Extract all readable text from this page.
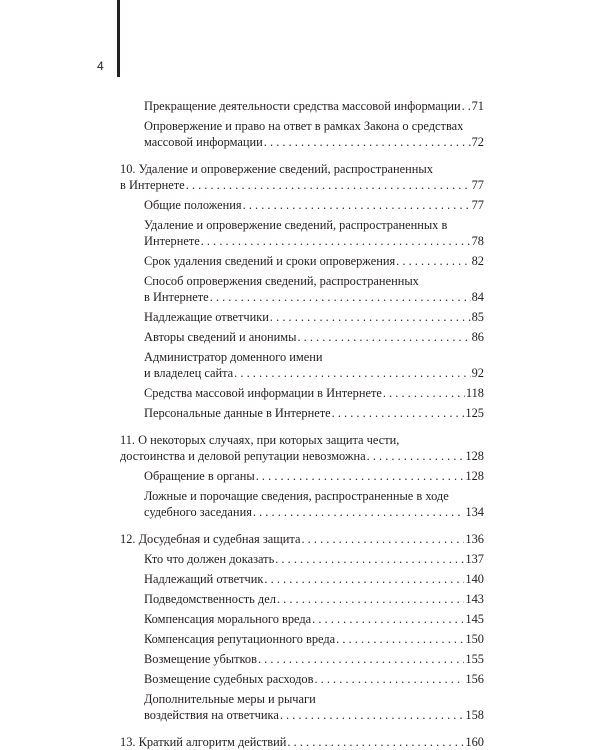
4
Прекращение деятельности средства массовой информации . . . 71
Опровержение и право на ответ в рамках Закона о средствах
массовой информации . . .	72
10. Удаление и опровержение сведений, распространенных
в Интернете . . .	77
Общие положения . . .	77
Удаление и опровержение сведений, распространенных в
Интернете . . .	78
Срок удаления сведений и сроки опровержения . . .	82
Способ опровержения сведений, распространенных
в Интернете . . .	84
Надлежащие ответчики . . .	85
Авторы сведений и анонимы . . .	86
Администратор доменного имени
и владелец сайта . . .	92
Средства массовой информации в Интернете . . .	118
Персональные данные в Интернете . . .	125
11. О некоторых случаях, при которых защита чести,
достоинства и деловой репутации невозможна . . .	128
Обращение в органы . . .	128
Ложные и порочащие сведения, распространенные в ходе
судебного заседания . . .	134
12. Досудебная и судебная защита . . .	136
Кто что должен доказать . . .	137
Надлежащий ответчик . . .	140
Подведомственность дел . . .	143
Компенсация морального вреда . . .	145
Компенсация репутационного вреда . . .	150
Возмещение убытков . . .	155
Возмещение судебных расходов . . .	156
Дополнительные меры и рычаги
воздействия на ответчика . . .	158
13. Краткий алгоритм действий . . .	160
